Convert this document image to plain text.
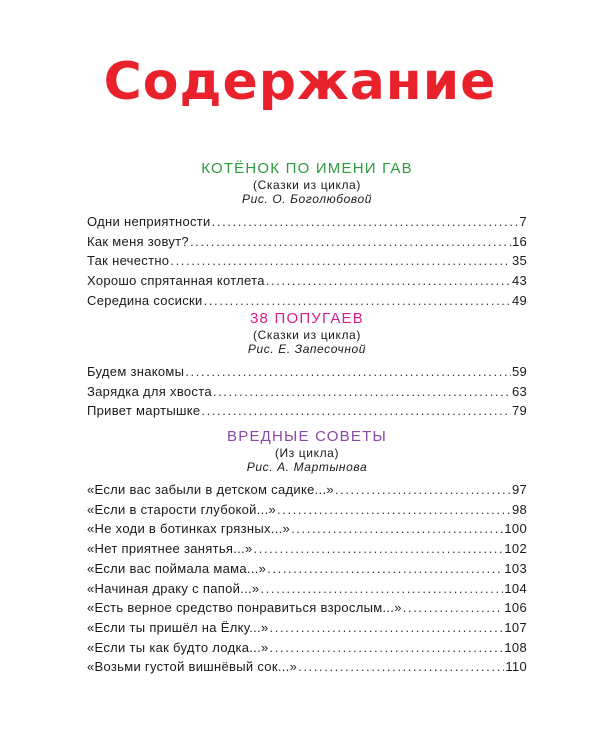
Содержание
КОТЁНОК ПО ИМЕНИ ГАВ
(Сказки из цикла)
Рис. О. Боголюбовой
Одни неприятности . . .	7
Как меня зовут? . . .	16
Так нечестно . . .	35
Хорошо спрятанная котлета . . .	43
Середина сосиски . . .	49
38 ПОПУГАЕВ
(Сказки из цикла)
Рис. Е. Запесочной
Будем знакомы . . .	59
Зарядка для хвоста . . .	63
Привет мартышке . . .	79
ВРЕДНЫЕ СОВЕТЫ
(Из цикла)
Рис. А. Мартынова
«Если вас забыли в детском садике...» . . .	97
«Если в старости глубокой...» . . .	98
«Не ходи в ботинках грязных...» . . .	100
«Нет приятнее занятья...» . . .	102
«Если вас поймала мама...» . . .	103
«Начиная драку с папой...» . . .	104
«Есть верное средство понравиться взрослым...» . . .	106
«Если ты пришёл на Ёлку...» . . .	107
«Если ты как будто лодка...» . . .	108
«Возьми густой вишнёвый сок...» . . .	110
